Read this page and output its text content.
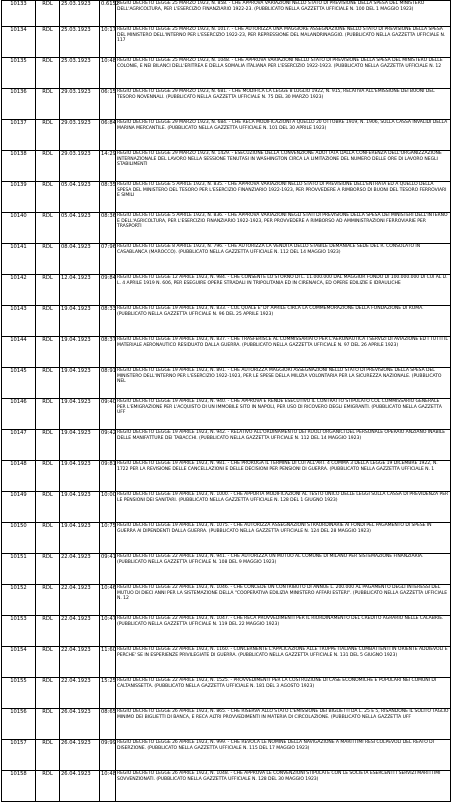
10133	RDL	25.03.1923	0.6152	REGIO DECRETO LEGGE 25 MARZO 1923, N. 858. - CHE APPROVA VARIAZIONI NELLO STATO DI PREVISIONE DELLA SPESA DEL MINISTERO DELL'AGRICOLTURA, PER L'ESERCIZIO FINANZIARIO 1922-23. (PUBBLICATO NELLA GAZZETTA UFFICIALE N. 100 DEL 1 MAGGIO 1923)
10134	RDL	25.03.1923	10:17	REGIO DECRETO LEGGE 25 MARZO 1923, N. 1017. - CHE AUTORIZZA UNA MAGGIORE ASSEGNAZIONE NELLO STATO DI PREVISIONE DELLA SPESA DEL MINISTERO DELL'INTERNO PER L'ESERCIZIO 1922-23, PER REPRESSIONE DEL MALANDRINAGGIO. (PUBBLICATO NELLA GAZZETTA UFFICIALE N. 117
10135	RDL	25.03.1923	10:48	REGIO DECRETO LEGGE 25 MARZO 1923, N. 1048. - CHE APPROVA VARIAZIONI NELLO STATO DI PREVISIONE DELLA SPESA DEL MINISTERO DELLE COLONIE, E NEI BILANCI DELL'ERITREA E DELLA SOMALIA ITALIANA PER L'ESERCIZIO 1922-1923. (PUBBLICATO NELLA GAZZETTA UFFICIALE N. 12
10136	RDL	29.03.1923	06:15	REGIO DECRETO LEGGE 29 MARZO 1923, N. 681. - CHE MODIFICA LA LEGGE 8 LUGLIO 1922, N. 915, RELATIVA ALL'EMISSIONE DEI BUONI DEL TESORO NOVENNALI. (PUBBLICATO NELLA GAZZETTA UFFICIALE N. 75 DEL 30 MARZO 1923)
10137	RDL	29.03.1923	06:84	REGIO DECRETO LEGGE 29 MARZO 1923, N. 684. - CHE RECA MODIFICAZIONI A QUELLO 20 OTTOBRE 1919, N. 1906, SULLA CASSA INVALIDI DELLA MARINA MERCANTILE. (PUBBLICATO NELLA GAZZETTA UFFICIALE N. 101 DEL 30 APRILE 1923)
10138	RDL	29.03.1923	14:29	REGIO DECRETO LEGGE 29 MARZO 1923, N. 1429. - ESECUZIONE DELLA CONVENZIONE ADOTTATA DALLA CONFERENZA DELL'ORGANIZZAZIONE INTERNAZIONALE DEL LAVORO NELLA SESSIONE TENUTASI IN WASHINGTON CIRCA LA LIMITAZIONE DEL NUMERO DELLE ORE DI LAVORO NEGLI STABILIMENTI
10139	RDL	05.04.1923	08:35	REGIO DECRETO LEGGE 5 APRILE 1923, N. 835. - CHE APPROVA VARIAZIONI NELLO STATO DI PREVISIONE DELL'ENTRATA ED A QUELLO DELLA SPESA DEL MINISTERO DEL TESORO PER L'ESERCIZIO FINANZIARIO 1922-1923, PER PROVVEDERE A RIMBORSO DI BUONI DEL TESORO FERROVIARI E SIMILI
10140	RDL	05.04.1923	08:36	REGIO DECRETO LEGGE 5 APRILE 1923, N. 836. - CHE APPROVA VARIAZIONI NEGLI STATI DI PREVISIONE DELLA SPESA DEI MINISTERI DELL'INTERNO E DELL'AGRICOLTURA, PER L'ESERCIZIO FINANZIARIO 1922-1923, PER PROVVEDERE A RIMBORSO AD AMMINISTRAZIONI FERROVIARIE PER TRASPORTI
10141	RDL	08.04.1923	07:96	REGIO DECRETO LEGGE 8 APRILE 1923, N. 796. - CHE AUTORIZZA LA VENDITA DELLO STABILE DEMANIALE SEDE DEL R. CONSOLATO IN CASABLANCA (MAROCCO). (PUBBLICATO NELLA GAZZETTA UFFICIALE N. 112 DEL 14 MAGGIO 1923)
10142	RDL	12.04.1923	09:84	REGIO DECRETO LEGGE 12 APRILE 1923, N. 984. - CHE CONSENTE LO STORNO DI L. 11.000.000 DAL MAGGIOR FONDO DI 100.000.000 DI CUI AL D. L. 4 APRILE 1919 N. 606, PER ESEGUIRE OPERE STRADALI IN TRIPOLITANIA ED IN CIRENAICA, ED OPERE EDILIZIE E IDRAULICHE
10143	RDL	19.04.1923	08:33	REGIO DECRETO LEGGE 19 APRILE 1923, N. 833. - COL QUALE E' DI' APRILE CIRCA LA COMMEMORAZIONE DELLA FONDAZIONE DI ROMA. (PUBBLICATO NELLA GAZZETTA UFFICIALE N. 96 DEL 25 APRILE 1923)
10144	RDL	19.04.1923	08:37	REGIO DECRETO LEGGE 19 APRILE 1923, N. 837. - CHE TRASFERISCE AL COMMISSARIATO PER L'AERONAUTICA I SERVIZI DI AVIAZIONE ED I TUTTI IL MATERIALE AERONAUTICO RESIDUATO DALLA GUERRA. (PUBBLICATO NELLA GAZZETTA UFFICIALE N. 97 DEL 26 APRILE 1923)
10145	RDL	19.04.1923	08:91	REGIO DECRETO LEGGE 19 APRILE 1923, N. 891. - CHE AUTORIZZA MAGGIORI ASSEGNAZIONI NELLO STATO DI PREVISIONE DELLA SPESA DEL MINISTERO DELL'INTERNO PER L'ESERCIZIO 1922-1923, PER LE SPESE DELLA MILIZIA VOLONTARIA PER LA SICUREZZA NAZIONALE. (PUBBLICATO NEL
10146	RDL	19.04.1923	09:40	REGIO DECRETO LEGGE 19 APRILE 1923, N. 940. - CHE APPROVA E RENDE ESECUTIVO IL CONTRATTO STIPULATO COL COMMISSARIO GENERALE PER L'EMIGRAZIONE PER L'ACQUISTO DI UN IMMOBILE SITO IN NAPOLI, PER USO DI RICOVERO DEGLI EMIGRANTI. (PUBBLICATO NELLA GAZZETTA UFF
10147	RDL	19.04.1923	09:42	REGIO DECRETO LEGGE 19 APRILE 1923, N. 942. - RELATIVO ALL'ORDINAMENTO DEI RUOLI ORGANICI DEL PERSONALE OPERAIO ANZIANO INABILE DELLE MANIFATTURE DEI TABACCHI. (PUBBLICATO NELLA GAZZETTA UFFICIALE N. 112 DEL 14 MAGGIO 1923)
10148	RDL	19.04.1923	09:81	REGIO DECRETO LEGGE 19 APRILE 1923, N. 981. - CHE PROROGA IL TERMINE DI CUI ALL'ART. 4 COMMA 3 DELLA LEGGE 19 DICEMBRE 1922, N. 1722 PER LA REVISIONE DELLE CANCELLAZIONI E DELLE DECISIONI PER PENSIONI DI GUERRA. (PUBBLICATO NELLA GAZZETTA UFFICIALE N. 1
10149	RDL	19.04.1923	10:00	REGIO DECRETO LEGGE 19 APRILE 1923, N. 1000. - CHE APPORTA MODIFICAZIONI AL TESTO UNICO DELLE LEGGI SULLA CASSA DI PREVIDENZA PER LE PENSIONI DEI SANITARI. (PUBBLICATO NELLA GAZZETTA UFFICIALE N. 128 DEL 1 GIUGNO 1923)
10150	RDL	19.04.1923	10:75	REGIO DECRETO LEGGE 19 APRILE 1923, N. 1075. - CHE AUTORIZZA ASSEGNAZIONI STRAORDINARIE AI FONDI PEL PAGAMENTO DI SPESE IN GUERRA AI DIPENDENTI DALLA GUERRA. (PUBBLICATO NELLA GAZZETTA UFFICIALE N. 124 DEL 28 MAGGIO 1923)
10151	RDL	22.04.1923	09:41	REGIO DECRETO LEGGE 22 APRILE 1923, N. 941. - CHE AUTORIZZA UN MUTUO AL COMUNE DI MILANO PER SISTEMAZIONE FINANZIARIA. (PUBBLICATO NELLA GAZZETTA UFFICIALE N. 108 DEL 9 MAGGIO 1923)
10152	RDL	22.04.1923	10:46	REGIO DECRETO LEGGE 22 APRILE 1923, N. 1046. - CHE CONCEDE UN CONTRIBUTO DI ANNUE L. 200.000 AL PAGAMENTO DEGLI INTERESSI DEL MUTUO DI DIECI ANNI PER LA SISTEMAZIONE DELLA "COOPERATIVA EDILIZIA MINISTERO AFFARI ESTERI". (PUBBLICATO NELLA GAZZETTA UFFICIALE N. 12
10153	RDL	22.04.1923	10:47	REGIO DECRETO LEGGE 22 APRILE 1923, N. 1047. - CHE RECA PROVVEDIMENTI PER IL RIORDINAMENTO DEL CREDITO AGRARIO NELLE CALABRIE. (PUBBLICATO NELLA GAZZETTA UFFICIALE N. 119 DEL 22 MAGGIO 1923)
10154	RDL	22.04.1923	11:60	REGIO DECRETO LEGGE 22 APRILE 1923, N. 1160. - CONCERNENTE L'APPLICAZIONE ALLE TRUPPE ITALIANE COMBATTENTI IN ORIENTE ADDIEVOLI E PERCHE' SE IN ESPERIENZE PRIVILEGIATE DI GUERRA. (PUBBLICATO NELLA GAZZETTA UFFICIALE N. 131 DEL 5 GIUGNO 1923)
10155	RDL	22.04.1923	15:25	REGIO DECRETO LEGGE 22 APRILE 1923, N. 1525. - PROVVEDIMENTI PER LA COSTRUZIONE DI CASE ECONOMICHE E POPOLARI NEI COMUNI DI CALTANISSETTA. (PUBBLICATO NELLA GAZZETTA UFFICIALE N. 181 DEL 3 AGOSTO 1923)
10156	RDL	26.04.1923	08:65	REGIO DECRETO LEGGE 26 APRILE 1923, N. 865. - CHE RISERVA ALLO STATO L'EMISSIONE DEI BIGLIETTI DA L. 25 E 5, RISANDONE IL SOLITO TAGLIO MINIMO DEI BIGLIETTI DI BANCA, E RECA ALTRI PROVVEDIMENTI IN MATERIA DI CIRCOLAZIONE. (PUBBLICATO NELLA GAZZETTA UFF
10157	RDL	26.04.1923	09:99	REGIO DECRETO LEGGE 26 APRILE 1923, N. 999. - CHE REVOCA LE NOMINE DELLA NAVIGAZIONE A MARITTIMI RESI COLPEVOLI DEL REATO DI DISERZIONE. (PUBBLICATO NELLA GAZZETTA UFFICIALE N. 115 DEL 17 MAGGIO 1923)
10158	RDL	26.04.1923	10:48	REGIO DECRETO LEGGE 26 APRILE 1923, N. 1048. - CHE APPROVA LE CONVENZIONI STIPULATE CON LE SOCIETA ESERCENTI I SERVIZI MARITTIMI SOVVENZIONATI. (PUBBLICATO NELLA GAZZETTA UFFICIALE N. 128 DEL 30 MAGGIO 1923)
